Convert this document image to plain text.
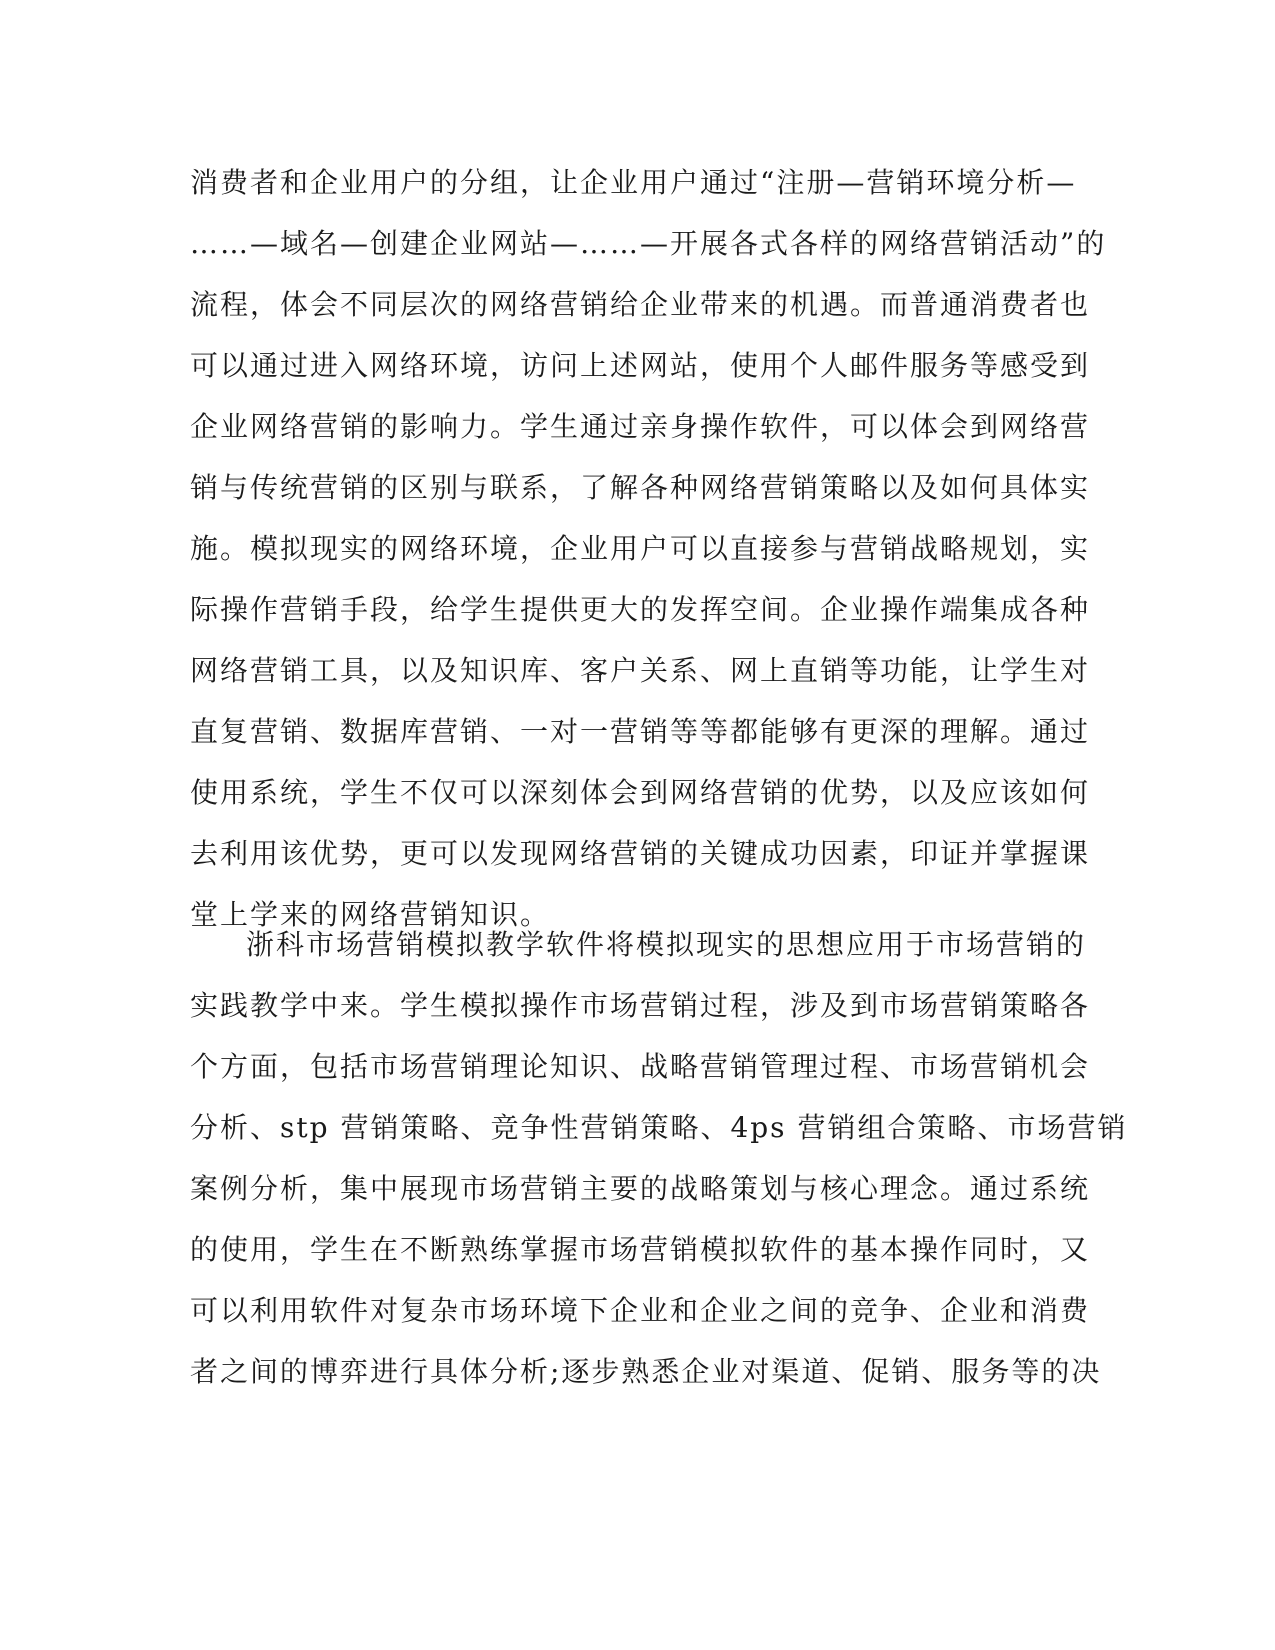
消费者和企业用户的分组，让企业用户通过“注册—营销环境分析—
……—域名—创建企业网站—……—开展各式各样的网络营销活动”的
流程，体会不同层次的网络营销给企业带来的机遇。而普通消费者也
可以通过进入网络环境，访问上述网站，使用个人邮件服务等感受到
企业网络营销的影响力。学生通过亲身操作软件，可以体会到网络营
销与传统营销的区别与联系，了解各种网络营销策略以及如何具体实
施。模拟现实的网络环境，企业用户可以直接参与营销战略规划，实
际操作营销手段，给学生提供更大的发挥空间。企业操作端集成各种
网络营销工具，以及知识库、客户关系、网上直销等功能，让学生对
直复营销、数据库营销、一对一营销等等都能够有更深的理解。通过
使用系统，学生不仅可以深刻体会到网络营销的优势，以及应该如何
去利用该优势，更可以发现网络营销的关键成功因素，印证并掌握课
堂上学来的网络营销知识。
浙科市场营销模拟教学软件将模拟现实的思想应用于市场营销的
实践教学中来。学生模拟操作市场营销过程，涉及到市场营销策略各
个方面，包括市场营销理论知识、战略营销管理过程、市场营销机会
分析、stp 营销策略、竞争性营销策略、4ps 营销组合策略、市场营销
案例分析，集中展现市场营销主要的战略策划与核心理念。通过系统
的使用，学生在不断熟练掌握市场营销模拟软件的基本操作同时，又
可以利用软件对复杂市场环境下企业和企业之间的竞争、企业和消费
者之间的博弈进行具体分析;逐步熟悉企业对渠道、促销、服务等的决
